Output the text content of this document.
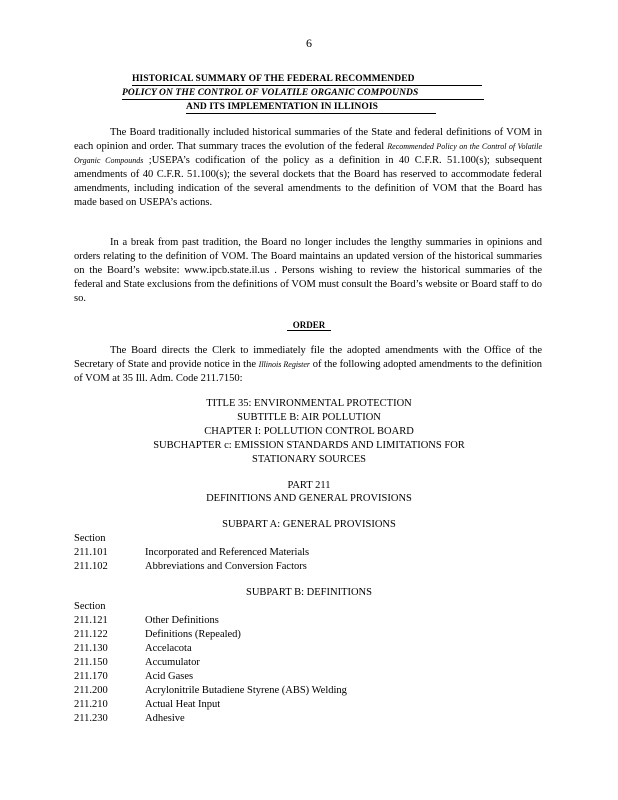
6
HISTORICAL SUMMARY OF THE FEDERAL RECOMMENDED
POLICY ON THE CONTROL OF VOLATILE ORGANIC COMPOUNDS
AND ITS IMPLEMENTATION IN ILLINOIS

The Board traditionally included historical summaries of the State and federal definitions of VOM in each opinion and order. That summary traces the evolution of the federal Recommended Policy on the Control of Volatile Organic Compounds ;USEPA’s codification of the policy as a definition in 40 C.F.R. 51.100(s); subsequent amendments of 40 C.F.R. 51.100(s); the several dockets that the Board has reserved to accommodate federal amendments, including indication of the several amendments to the definition of VOM that the Board has made based on USEPA’s actions.

In a break from past tradition, the Board no longer includes the lengthy summaries in opinions and orders relating to the definition of VOM. The Board maintains an updated version of the historical summaries on the Board’s website: www.ipcb.state.il.us . Persons wishing to review the historical summaries of the federal and State exclusions from the definitions of VOM must consult the Board’s website or Board staff to do so.

ORDER

The Board directs the Clerk to immediately file the adopted amendments with the Office of the Secretary of State and provide notice in the Illinois Register of the following adopted amendments to the definition of VOM at 35 Ill. Adm. Code 211.7150:

TITLE 35: ENVIRONMENTAL PROTECTION
SUBTITLE B: AIR POLLUTION
CHAPTER I: POLLUTION CONTROL BOARD
SUBCHAPTER c: EMISSION STANDARDS AND LIMITATIONS FOR
STATIONARY SOURCES
PART 211
DEFINITIONS AND GENERAL PROVISIONS
SUBPART A: GENERAL PROVISIONS
Section
211.101	Incorporated and Referenced Materials
211.102	Abbreviations and Conversion Factors
SUBPART B: DEFINITIONS
Section
211.121	Other Definitions
211.122	Definitions (Repealed)
211.130	Accelacota
211.150	Accumulator
211.170	Acid Gases
211.200	Acrylonitrile Butadiene Styrene (ABS) Welding
211.210	Actual Heat Input
211.230	Adhesive
